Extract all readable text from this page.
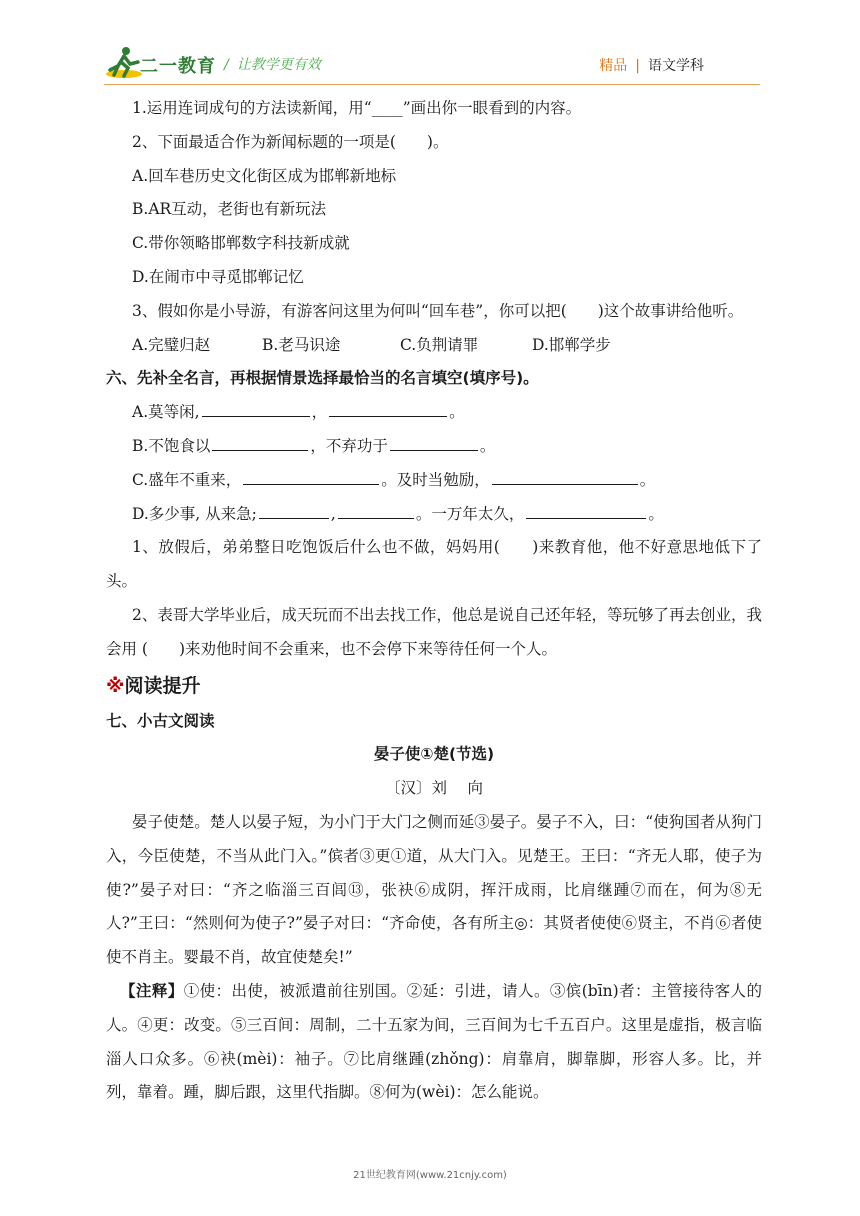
二一教育 / 让教学更有效	精品 | 语文学科
1.运用连词成句的方法读新闻，用“____”画出你一眼看到的内容。
2、下面最适合作为新闻标题的一项是(　　)。
A.回车巷历史文化街区成为邯郸新地标
B.AR互动，老街也有新玩法
C.带你领略邯郸数字科技新成就
D.在闹市中寻觅邯郸记忆
3、假如你是小导游，有游客问这里为何叫“回车巷”，你可以把(　　)这个故事讲给他听。
A.完璧归赵	B.老马识途	C.负荆请罪	D.邯郸学步
六、先补全名言，再根据情景选择最恰当的名言填空(填序号)。
A.莫等闲,	，	。
B.不饱食以	，不弃功于	。
C.盛年不重来，	。及时当勉励，	。
D.多少事, 从来急;	,	。一万年太久，	。
1、放假后，弟弟整日吃饱饭后什么也不做，妈妈用(　　)来教育他，他不好意思地低下了头。
2、表哥大学毕业后，成天玩而不出去找工作，他总是说自己还年轻，等玩够了再去创业，我会用 (　　)来劝他时间不会重来，也不会停下来等待任何一个人。
※阅读提升
七、小古文阅读
晏子使①楚(节选)
〔汉〕刘　 向
晏子使楚。楚人以晏子短，为小门于大门之侧而延③晏子。晏子不入，曰：“使狗国者从狗门入，今臣使楚，不当从此门入。”傧者③更①道，从大门入。见楚王。王曰：“齐无人耶，使子为使?”晏子对曰：“齐之临淄三百闾⑬，张袂⑥成阴，挥汗成雨，比肩继踵⑦而在，何为⑧无人?”王曰：“然则何为使子?”晏子对曰：“齐命使，各有所主◎：其贤者使使⑥贤主，不肖⑥者使使不肖主。婴最不肖，故宜使楚矣!”
【注释】①使：出使，被派遣前往别国。②延：引进，请人。③傧(bīn)者：主管接待客人的人。④更：改变。⑤三百间：周制，二十五家为间，三百间为七千五百户。这里是虚指，极言临淄人口众多。⑥袂(mèi)：袖子。⑦比肩继踵(zhǒng)：肩靠肩，脚靠脚，形容人多。比，并列，靠着。踵，脚后跟，这里代指脚。⑧何为(wèi)：怎么能说。
21世纪教育网(www.21cnjy.com)
